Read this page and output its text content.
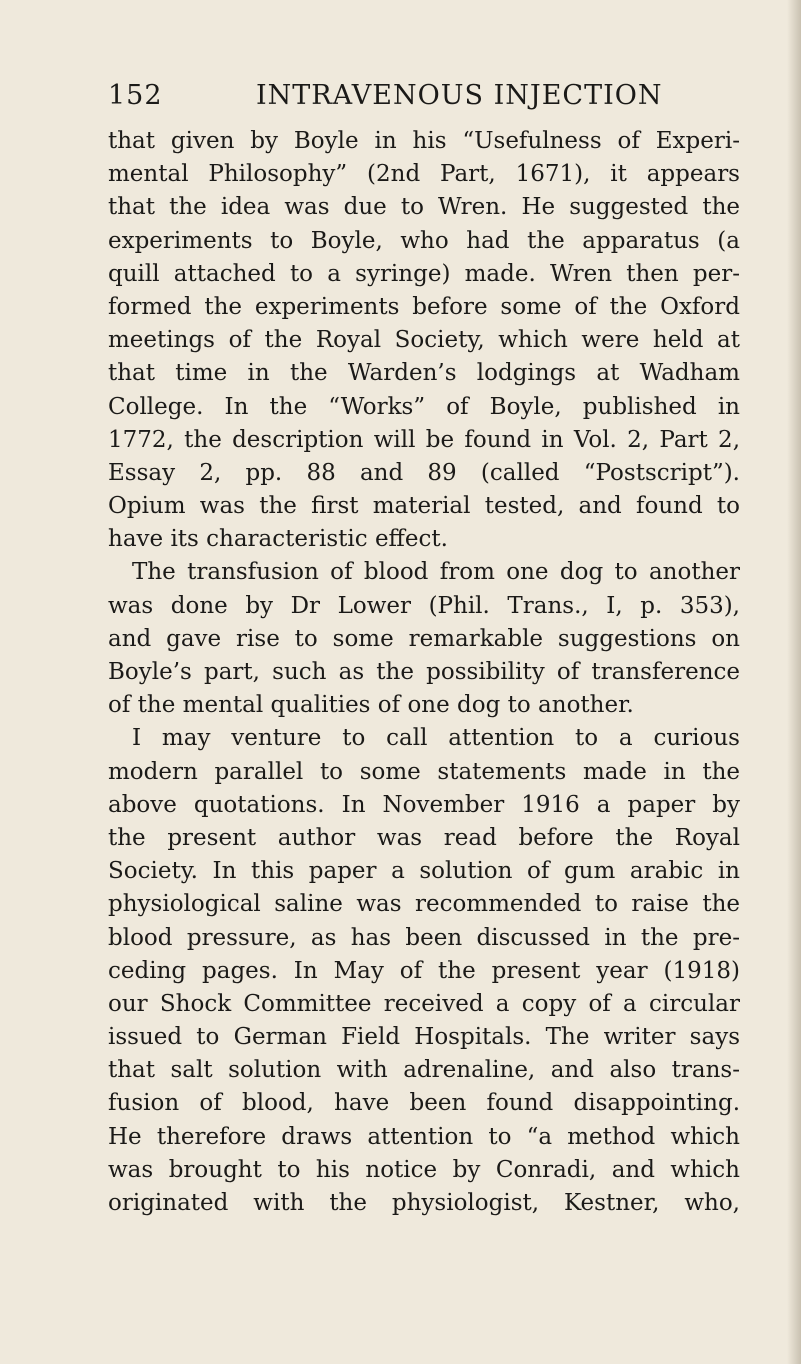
152	INTRAVENOUS INJECTION
that given by Boyle in his “Usefulness of Experi-
mental Philosophy” (2nd Part, 1671), it appears
that the idea was due to Wren. He suggested the
experiments to Boyle, who had the apparatus (a
quill attached to a syringe) made. Wren then per-
formed the experiments before some of the Oxford
meetings of the Royal Society, which were held at
that time in the Warden’s lodgings at Wadham
College. In the “Works” of Boyle, published in
1772, the description will be found in Vol. 2, Part 2,
Essay 2, pp. 88 and 89 (called “Postscript”).
Opium was the first material tested, and found to
have its characteristic effect.
The transfusion of blood from one dog to another
was done by Dr Lower (Phil. Trans., I, p. 353),
and gave rise to some remarkable suggestions on
Boyle’s part, such as the possibility of transference
of the mental qualities of one dog to another.
I may venture to call attention to a curious
modern parallel to some statements made in the
above quotations. In November 1916 a paper by
the present author was read before the Royal
Society. In this paper a solution of gum arabic in
physiological saline was recommended to raise the
blood pressure, as has been discussed in the pre-
ceding pages. In May of the present year (1918)
our Shock Committee received a copy of a circular
issued to German Field Hospitals. The writer says
that salt solution with adrenaline, and also trans-
fusion of blood, have been found disappointing.
He therefore draws attention to “a method which
was brought to his notice by Conradi, and which
originated with the physiologist, Kestner, who,
